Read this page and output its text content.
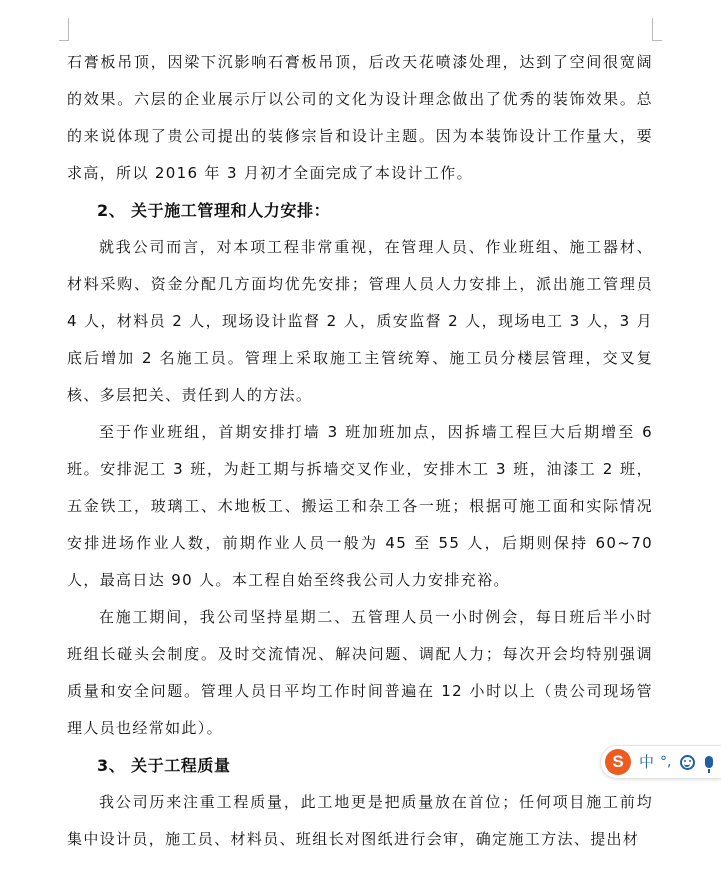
石膏板吊顶，因梁下沉影响石膏板吊顶，后改天花喷漆处理，达到了空间很宽阔的效果。六层的企业展示厅以公司的文化为设计理念做出了优秀的装饰效果。总的来说体现了贵公司提出的装修宗旨和设计主题。因为本装饰设计工作量大，要求高，所以 2016 年 3 月初才全面完成了本设计工作。

2、 关于施工管理和人力安排：

就我公司而言，对本项工程非常重视，在管理人员、作业班组、施工器材、材料采购、资金分配几方面均优先安排；管理人员人力安排上，派出施工管理员 4 人，材料员 2 人，现场设计监督 2 人，质安监督 2 人，现场电工 3 人，3 月底后增加 2 名施工员。管理上采取施工主管统筹、施工员分楼层管理，交叉复核、多层把关、责任到人的方法。

至于作业班组，首期安排打墙 3 班加班加点，因拆墙工程巨大后期增至 6 班。安排泥工 3 班，为赶工期与拆墙交叉作业，安排木工 3 班，油漆工 2 班，五金铁工，玻璃工、木地板工、搬运工和杂工各一班；根据可施工面和实际情况安排进场作业人数，前期作业人员一般为 45 至 55 人，后期则保持 60~70 人，最高日达 90 人。本工程自始至终我公司人力安排充裕。

在施工期间，我公司坚持星期二、五管理人员一小时例会，每日班后半小时班组长碰头会制度。及时交流情况、解决问题、调配人力；每次开会均特别强调质量和安全问题。管理人员日平均工作时间普遍在 12 小时以上（贵公司现场管理人员也经常如此）。

3、 关于工程质量

我公司历来注重工程质量，此工地更是把质量放在首位；任何项目施工前均集中设计员，施工员、材料员、班组长对图纸进行会审，确定施工方法、提出材

S	中 °,
